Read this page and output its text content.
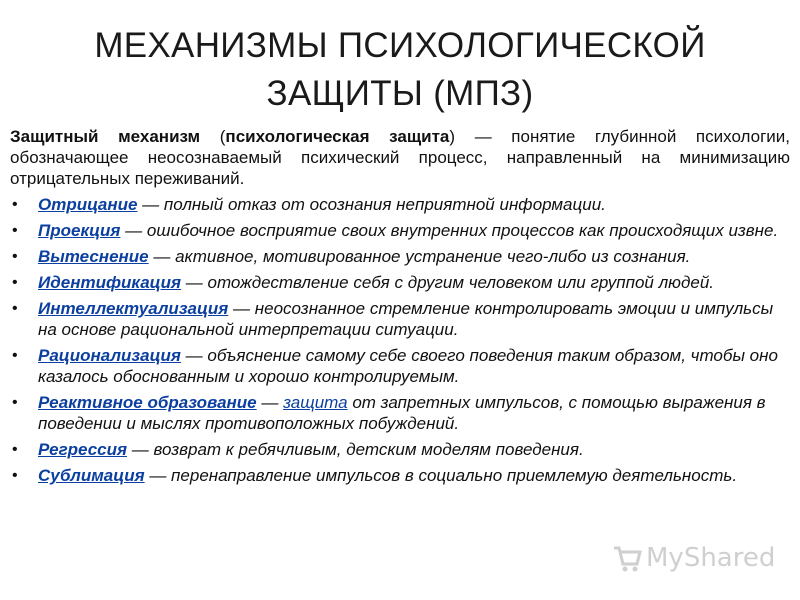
МЕХАНИЗМЫ ПСИХОЛОГИЧЕСКОЙ
ЗАЩИТЫ (МПЗ)
Защитный механизм (психологическая защита) — понятие глубинной психологии, обозначающее неосознаваемый психический процесс, направленный на минимизацию отрицательных переживаний.
• Отрицание — полный отказ от осознания неприятной информации.
• Проекция — ошибочное восприятие своих внутренних процессов как происходящих извне.
• Вытеснение — активное, мотивированное устранение чего-либо из сознания.
• Идентификация — отождествление себя с другим человеком или группой людей.
• Интеллектуализация — неосознанное стремление контролировать эмоции и импульсы на основе рациональной интерпретации ситуации.
• Рационализация — объяснение самому себе своего поведения таким образом, чтобы оно казалось обоснованным и хорошо контролируемым.
• Реактивное образование — защита от запретных импульсов, с помощью выражения в поведении и мыслях противоположных побуждений.
• Регрессия — возврат к ребячливым, детским моделям поведения.
• Сублимация — перенаправление импульсов в социально приемлемую деятельность.
MyShared
